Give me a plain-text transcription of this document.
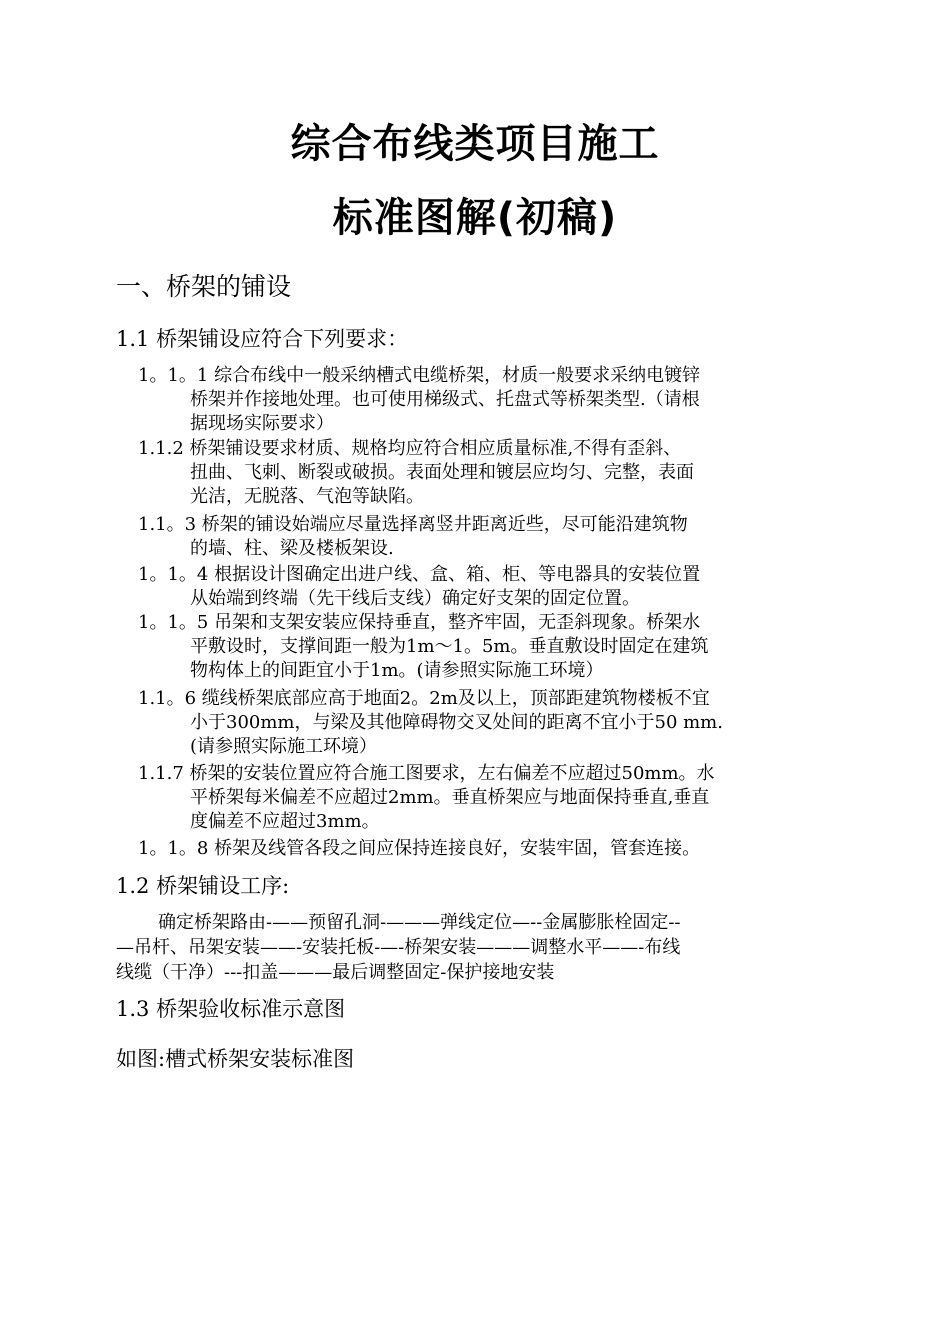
综合布线类项目施工
标准图解(初稿)
一、桥架的铺设
1.1 桥架铺设应符合下列要求：
1。1。1 综合布线中一般采纳槽式电缆桥架，材质一般要求采纳电镀锌
桥架并作接地处理。也可使用梯级式、托盘式等桥架类型.（请根
据现场实际要求）
1.1.2 桥架铺设要求材质、规格均应符合相应质量标准,不得有歪斜、
扭曲、飞刺、断裂或破损。表面处理和镀层应均匀、完整，表面
光洁，无脱落、气泡等缺陷。
1.1。3 桥架的铺设始端应尽量选择离竖井距离近些，尽可能沿建筑物
的墙、柱、梁及楼板架设.
1。1。4 根据设计图确定出进户线、盒、箱、柜、等电器具的安装位置
从始端到终端（先干线后支线）确定好支架的固定位置。
1。1。5 吊架和支架安装应保持垂直，整齐牢固，无歪斜现象。桥架水
平敷设时，支撑间距一般为1m～1。5m。垂直敷设时固定在建筑
物构体上的间距宜小于1m。(请参照实际施工环境）
1.1。6 缆线桥架底部应高于地面2。2m及以上，顶部距建筑物楼板不宜
小于300mm，与梁及其他障碍物交叉处间的距离不宜小于50 mm.
(请参照实际施工环境）
1.1.7 桥架的安装位置应符合施工图要求，左右偏差不应超过50mm。水
平桥架每米偏差不应超过2mm。垂直桥架应与地面保持垂直,垂直
度偏差不应超过3mm。
1。1。8 桥架及线管各段之间应保持连接良好，安装牢固，管套连接。
1.2 桥架铺设工序:
确定桥架路由-——预留孔洞-———弹线定位—--金属膨胀栓固定--
—吊杆、吊架安装——-安装托板-—-桥架安装———调整水平——-布线
线缆（干净）---扣盖———最后调整固定-保护接地安装
1.3 桥架验收标准示意图
如图:槽式桥架安装标准图
